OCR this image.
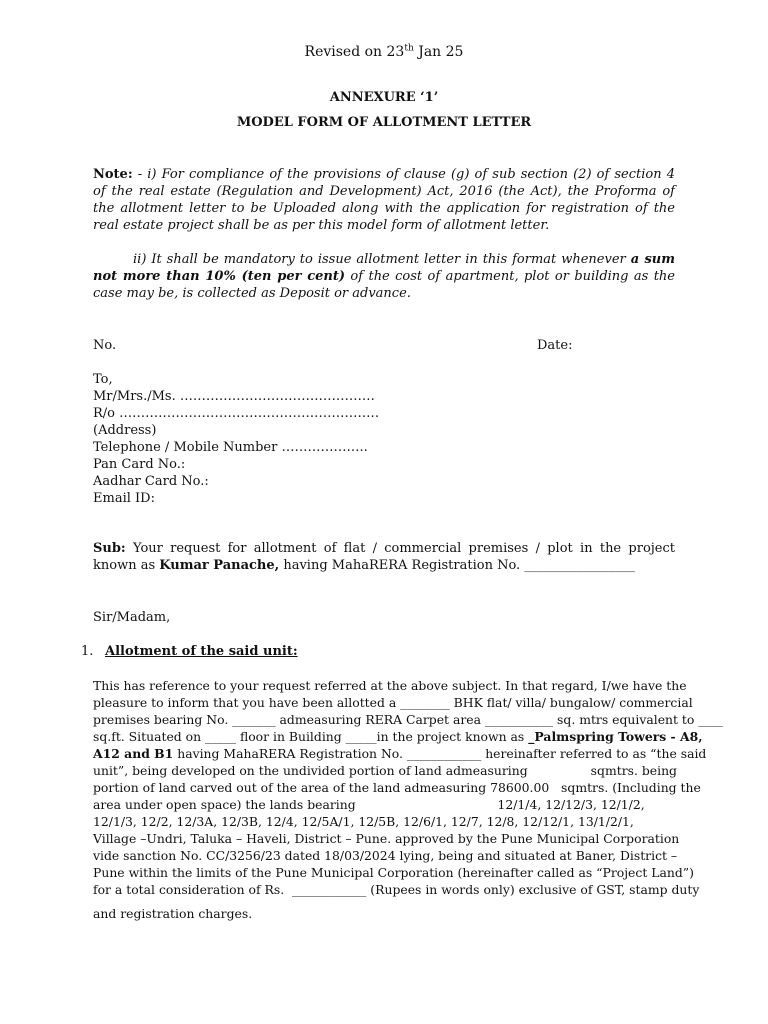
Revised on 23th Jan 25
ANNEXURE ‘1’
MODEL FORM OF ALLOTMENT LETTER
Note: - i) For compliance of the provisions of clause (g) of sub section (2) of section 4 of the real estate (Regulation and Development) Act, 2016 (the Act), the Proforma of the allotment letter to be Uploaded along with the application for registration of the real estate project shall be as per this model form of allotment letter.
ii) It shall be mandatory to issue allotment letter in this format whenever a sum not more than 10% (ten per cent) of the cost of apartment, plot or building as the case may be, is collected as Deposit or advance.
No.	Date:
To,
Mr/Mrs./Ms. ………………………………………
R/o ……………………………………………………
(Address)
Telephone / Mobile Number ………………..
Pan Card No.:
Aadhar Card No.:
Email ID:
Sub: Your request for allotment of flat / commercial premises / plot in the project known as Kumar Panache, having MahaRERA Registration No. _________________
Sir/Madam,
1. Allotment of the said unit:
This has reference to your request referred at the above subject. In that regard, I/we have the
pleasure to inform that you have been allotted a ________ BHK flat/ villa/ bungalow/ commercial
premises bearing No. _______ admeasuring RERA Carpet area ___________ sq. mtrs equivalent to ____
sq.ft. Situated on _____ floor in Building _____in the project known as _Palmspring Towers - A8,
A12 and B1 having MahaRERA Registration No. ____________ hereinafter referred to as “the said
unit”, being developed on the undivided portion of land admeasuring                sqmtrs. being
portion of land carved out of the area of the land admeasuring 78600.00   sqmtrs. (Including the
area under open space) the lands bearing                                    12/1/4, 12/12/3, 12/1/2,
12/1/3, 12/2, 12/3A, 12/3B, 12/4, 12/5A/1, 12/5B, 12/6/1, 12/7, 12/8, 12/12/1, 13/1/2/1,
Village –Undri, Taluka – Haveli, District – Pune. approved by the Pune Municipal Corporation
vide sanction No. CC/3256/23 dated 18/03/2024 lying, being and situated at Baner, District –
Pune within the limits of the Pune Municipal Corporation (hereinafter called as “Project Land”)
for a total consideration of Rs.  ____________ (Rupees in words only) exclusive of GST, stamp duty
and registration charges.
